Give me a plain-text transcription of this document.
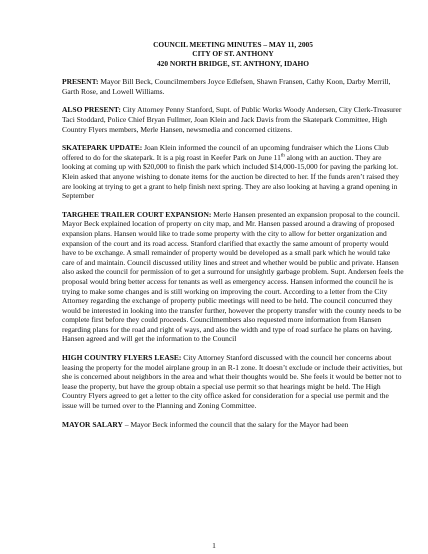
COUNCIL MEETING MINUTES – MAY 11, 2005
CITY OF ST. ANTHONY
420 NORTH BRIDGE, ST. ANTHONY, IDAHO

PRESENT: Mayor Bill Beck, Councilmembers Joyce Edlefsen, Shawn Fransen, Cathy Koon, Darby Merrill, Garth Rose, and Lowell Williams.

ALSO PRESENT: City Attorney Penny Stanford, Supt. of Public Works Woody Andersen, City Clerk-Treasurer Taci Stoddard, Police Chief Bryan Fullmer, Joan Klein and Jack Davis from the Skatepark Committee, High Country Flyers members, Merle Hansen, newsmedia and concerned citizens.

SKATEPARK UPDATE: Joan Klein informed the council of an upcoming fundraiser which the Lions Club offered to do for the skatepark. It is a pig roast in Keefer Park on June 11th along with an auction. They are looking at coming up with $20,000 to finish the park which included $14,000-15,000 for paving the parking lot. Klein asked that anyone wishing to donate items for the auction be directed to her. If the funds aren’t raised they are looking at trying to get a grant to help finish next spring. They are also looking at having a grand opening in September

TARGHEE TRAILER COURT EXPANSION: Merle Hansen presented an expansion proposal to the council. Mayor Beck explained location of property on city map, and Mr. Hansen passed around a drawing of proposed expansion plans. Hansen would like to trade some property with the city to allow for better organization and expansion of the court and its road access. Stanford clarified that exactly the same amount of property would have to be exchange. A small remainder of property would be developed as a small park which he would take care of and maintain. Council discussed utility lines and street and whether would be public and private. Hansen also asked the council for permission of to get a surround for unsightly garbage problem. Supt. Andersen feels the proposal would bring better access for tenants as well as emergency access. Hansen informed the council he is trying to make some changes and is still working on improving the court. According to a letter from the City Attorney regarding the exchange of property public meetings will need to be held. The council concurred they would be interested in looking into the transfer further, however the property transfer with the county needs to be complete first before they could proceeds. Councilmembers also requested more information from Hansen regarding plans for the road and right of ways, and also the width and type of road surface he plans on having. Hansen agreed and will get the information to the Council

HIGH COUNTRY FLYERS LEASE: City Attorney Stanford discussed with the council her concerns about leasing the property for the model airplane group in an R-1 zone. It doesn’t exclude or include their activities, but she is concerned about neighbors in the area and what their thoughts would be. She feels it would be better not to lease the property, but have the group obtain a special use permit so that hearings might be held. The High Country Flyers agreed to get a letter to the city office asked for consideration for a special use permit and the issue will be turned over to the Planning and Zoning Committee.

MAYOR SALARY – Mayor Beck informed the council that the salary for the Mayor had been

1
